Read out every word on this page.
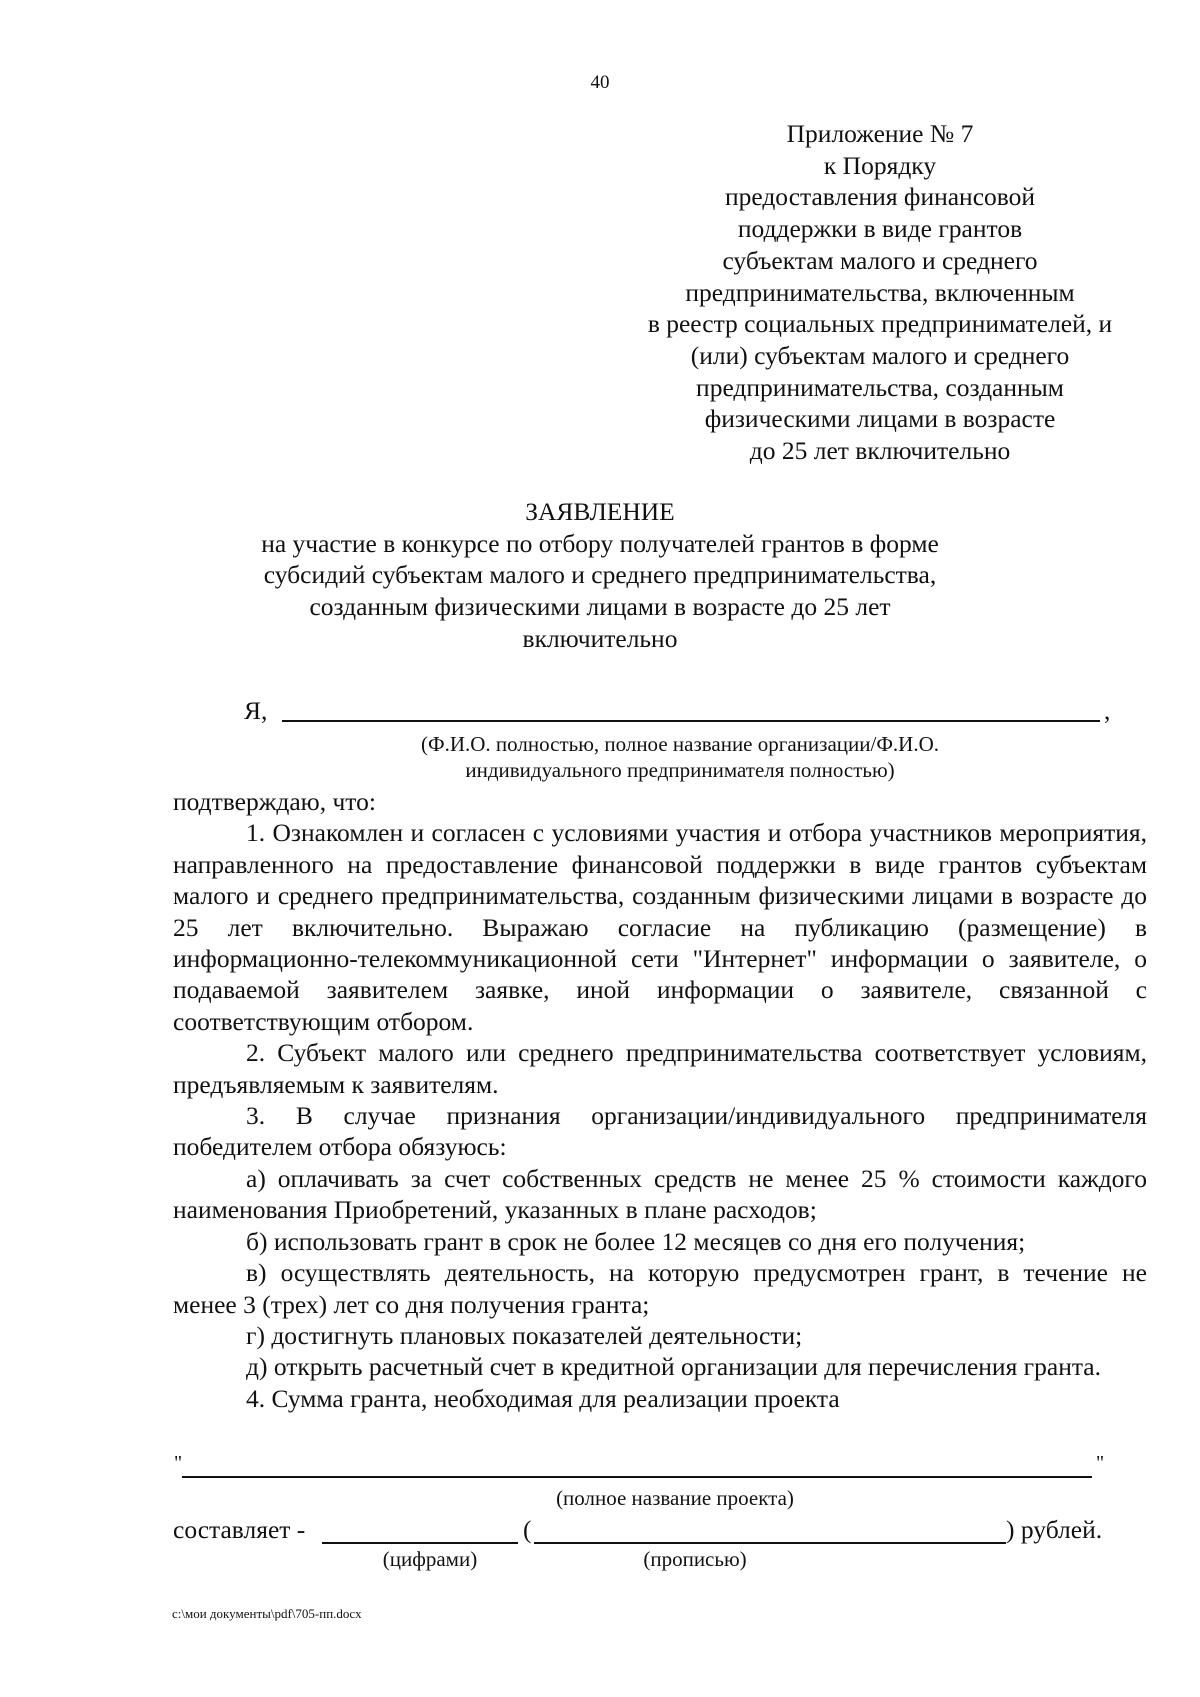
40
Приложение № 7
к Порядку
предоставления финансовой
поддержки в виде грантов
субъектам малого и среднего
предпринимательства, включенным
в реестр социальных предпринимателей, и
(или) субъектам малого и среднего
предпринимательства, созданным
физическими лицами в возрасте
до 25 лет включительно
ЗАЯВЛЕНИЕ
на участие в конкурсе по отбору получателей грантов в форме
субсидий субъектам малого и среднего предпринимательства,
созданным физическими лицами в возрасте до 25 лет
включительно
Я,	,
(Ф.И.О. полностью, полное название организации/Ф.И.О.
индивидуального предпринимателя полностью)
подтверждаю, что:
1. Ознакомлен и согласен с условиями участия и отбора участников мероприятия, направленного на предоставление финансовой поддержки в виде грантов субъектам малого и среднего предпринимательства, созданным физическими лицами в возрасте до 25 лет включительно. Выражаю согласие на публикацию (размещение) в информационно-телекоммуникационной сети "Интернет" информации о заявителе, о подаваемой заявителем заявке, иной информации о заявителе, связанной с соответствующим отбором.
2. Субъект малого или среднего предпринимательства соответствует условиям, предъявляемым к заявителям.
3. В случае признания организации/индивидуального предпринимателя победителем отбора обязуюсь:
а) оплачивать за счет собственных средств не менее 25 % стоимости каждого наименования Приобретений, указанных в плане расходов;
б) использовать грант в срок не более 12 месяцев со дня его получения;
в) осуществлять деятельность, на которую предусмотрен грант, в течение не менее 3 (трех) лет со дня получения гранта;
г) достигнуть плановых показателей деятельности;
д) открыть расчетный счет в кредитной организации для перечисления гранта.
4. Сумма гранта, необходимая для реализации проекта
"	"
(полное название проекта)
составляет -	(	) рублей.
(цифрами)	(прописью)
c:\мои документы\pdf\705-пп.docx
